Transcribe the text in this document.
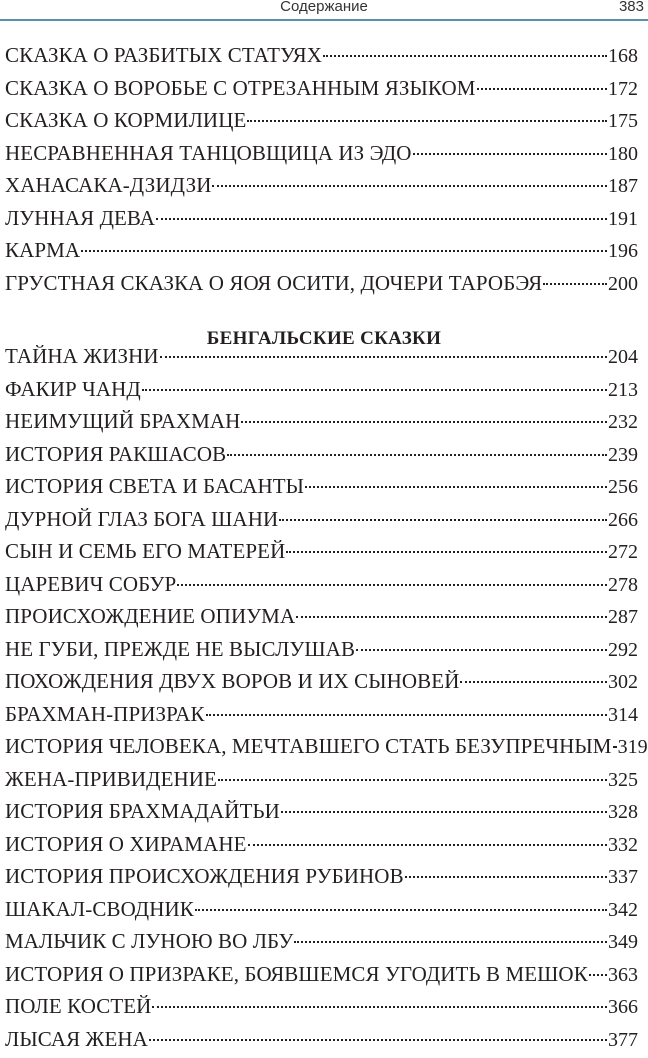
Содержание	383
СКАЗКА О РАЗБИТЫХ СТАТУЯХ	168
СКАЗКА О ВОРОБЬЕ С ОТРЕЗАННЫМ ЯЗЫКОМ	172
СКАЗКА О КОРМИЛИЦЕ	175
НЕСРАВНЕННАЯ ТАНЦОВЩИЦА ИЗ ЭДО	180
ХАНАСАКА-ДЗИДЗИ	187
ЛУННАЯ ДЕВА	191
КАРМА	196
ГРУСТНАЯ СКАЗКА О ЯОЯ ОСИТИ, ДОЧЕРИ ТАРОБЭЯ	200
БЕНГАЛЬСКИЕ СКАЗКИ
ТАЙНА ЖИЗНИ	204
ФАКИР ЧАНД	213
НЕИМУЩИЙ БРАХМАН	232
ИСТОРИЯ РАКШАСОВ	239
ИСТОРИЯ СВЕТА И БАСАНТЫ	256
ДУРНОЙ ГЛАЗ БОГА ШАНИ	266
СЫН И СЕМЬ ЕГО МАТЕРЕЙ	272
ЦАРЕВИЧ СОБУР	278
ПРОИСХОЖДЕНИЕ ОПИУМА	287
НЕ ГУБИ, ПРЕЖДЕ НЕ ВЫСЛУШАВ	292
ПОХОЖДЕНИЯ ДВУХ ВОРОВ И ИХ СЫНОВЕЙ	302
БРАХМАН-ПРИЗРАК	314
ИСТОРИЯ ЧЕЛОВЕКА, МЕЧТАВШЕГО СТАТЬ БЕЗУПРЕЧНЫМ 319
ЖЕНА-ПРИВИДЕНИЕ	325
ИСТОРИЯ БРАХМАДАЙТЬИ	328
ИСТОРИЯ О ХИРАМАНЕ	332
ИСТОРИЯ ПРОИСХОЖДЕНИЯ РУБИНОВ	337
ШАКАЛ-СВОДНИК	342
МАЛЬЧИК С ЛУНОЮ ВО ЛБУ	349
ИСТОРИЯ О ПРИЗРАКЕ, БОЯВШЕМСЯ УГОДИТЬ В МЕШОК 363
ПОЛЕ КОСТЕЙ	366
ЛЫСАЯ ЖЕНА	377
